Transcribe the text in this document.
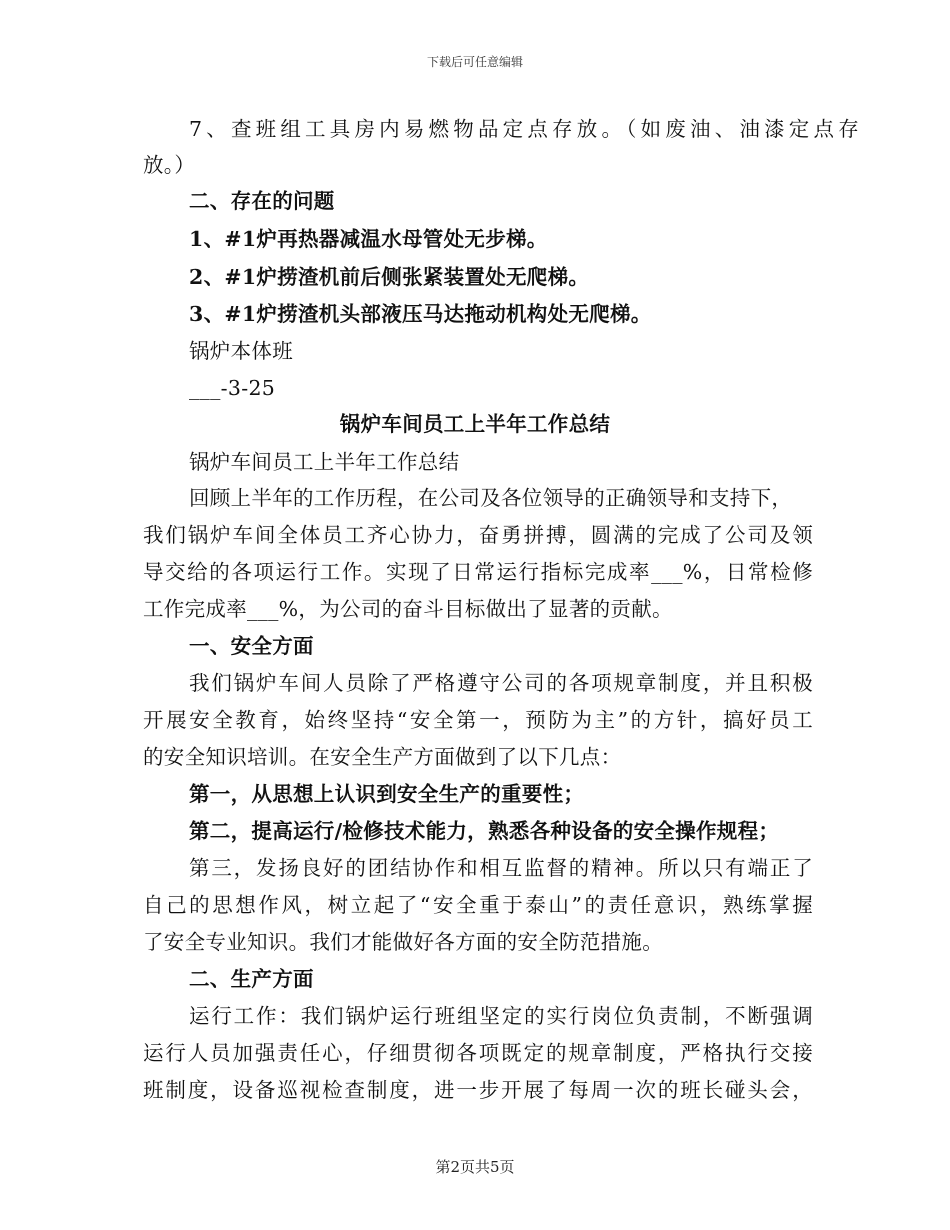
下载后可任意编辑
7、查班组工具房内易燃物品定点存放。（如废油、油漆定点存
放。）
二、存在的问题
1、#1炉再热器减温水母管处无步梯。
2、#1炉捞渣机前后侧张紧装置处无爬梯。
3、#1炉捞渣机头部液压马达拖动机构处无爬梯。
锅炉本体班
___-3-25
锅炉车间员工上半年工作总结
锅炉车间员工上半年工作总结
回顾上半年的工作历程，在公司及各位领导的正确领导和支持下，
我们锅炉车间全体员工齐心协力，奋勇拼搏，圆满的完成了公司及领
导交给的各项运行工作。实现了日常运行指标完成率___%，日常检修
工作完成率___%，为公司的奋斗目标做出了显著的贡献。
一、安全方面
我们锅炉车间人员除了严格遵守公司的各项规章制度，并且积极
开展安全教育，始终坚持“安全第一，预防为主”的方针，搞好员工
的安全知识培训。在安全生产方面做到了以下几点：
第一，从思想上认识到安全生产的重要性；
第二，提高运行/检修技术能力，熟悉各种设备的安全操作规程；
第三，发扬良好的团结协作和相互监督的精神。所以只有端正了
自己的思想作风，树立起了“安全重于泰山”的责任意识，熟练掌握
了安全专业知识。我们才能做好各方面的安全防范措施。
二、生产方面
运行工作：我们锅炉运行班组坚定的实行岗位负责制，不断强调
运行人员加强责任心，仔细贯彻各项既定的规章制度，严格执行交接
班制度，设备巡视检查制度，进一步开展了每周一次的班长碰头会，
第2页共5页
